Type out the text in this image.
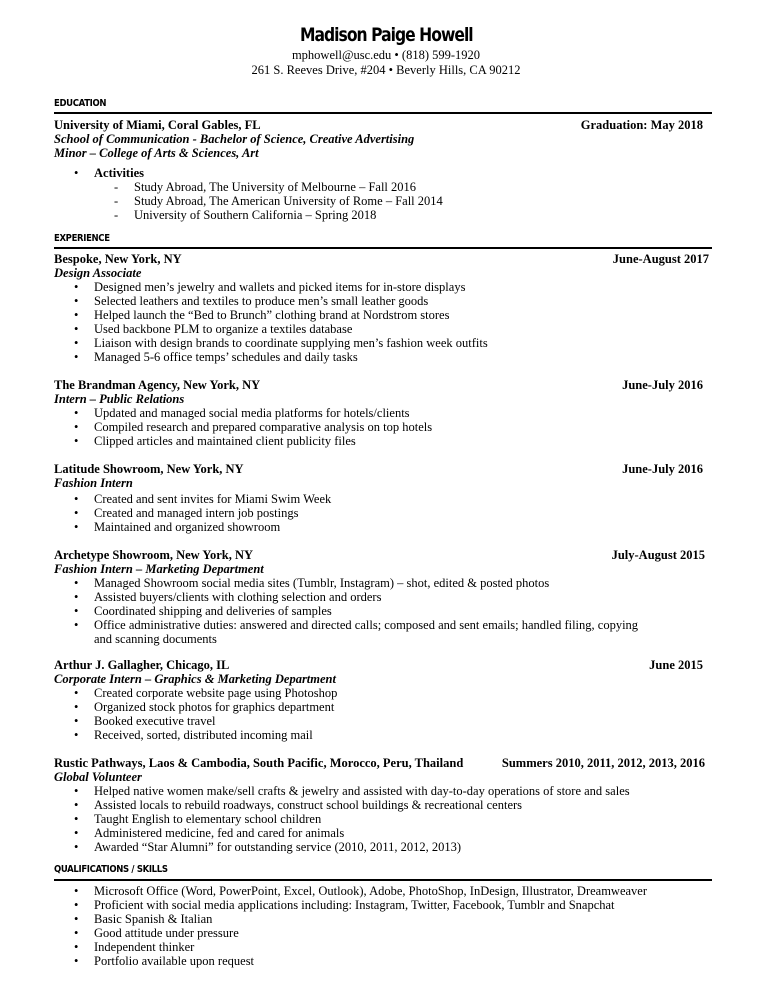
Madison Paige Howell
mphowell@usc.edu • (818) 599-1920
261 S. Reeves Drive, #204 • Beverly Hills, CA 90212
EDUCATION
University of Miami, Coral Gables, FL	Graduation: May 2018
School of Communication - Bachelor of Science, Creative Advertising
Minor – College of Arts & Sciences, Art
• Activities
- Study Abroad, The University of Melbourne – Fall 2016
- Study Abroad, The American University of Rome – Fall 2014
- University of Southern California – Spring 2018
EXPERIENCE
Bespoke, New York, NY	June-August 2017
Design Associate
• Designed men’s jewelry and wallets and picked items for in-store displays
• Selected leathers and textiles to produce men’s small leather goods
• Helped launch the “Bed to Brunch” clothing brand at Nordstrom stores
• Used backbone PLM to organize a textiles database
• Liaison with design brands to coordinate supplying men’s fashion week outfits
• Managed 5-6 office temps’ schedules and daily tasks
The Brandman Agency, New York, NY	June-July 2016
Intern – Public Relations
• Updated and managed social media platforms for hotels/clients
• Compiled research and prepared comparative analysis on top hotels
• Clipped articles and maintained client publicity files
Latitude Showroom, New York, NY	June-July 2016
Fashion Intern
• Created and sent invites for Miami Swim Week
• Created and managed intern job postings
• Maintained and organized showroom
Archetype Showroom, New York, NY	July-August 2015
Fashion Intern – Marketing Department
• Managed Showroom social media sites (Tumblr, Instagram) – shot, edited & posted photos
• Assisted buyers/clients with clothing selection and orders
• Coordinated shipping and deliveries of samples
• Office administrative duties: answered and directed calls; composed and sent emails; handled filing, copying
and scanning documents
Arthur J. Gallagher, Chicago, IL	June 2015
Corporate Intern – Graphics & Marketing Department
• Created corporate website page using Photoshop
• Organized stock photos for graphics department
• Booked executive travel
• Received, sorted, distributed incoming mail
Rustic Pathways, Laos & Cambodia, South Pacific, Morocco, Peru, Thailand	Summers 2010, 2011, 2012, 2013, 2016
Global Volunteer
• Helped native women make/sell crafts & jewelry and assisted with day-to-day operations of store and sales
• Assisted locals to rebuild roadways, construct school buildings & recreational centers
• Taught English to elementary school children
• Administered medicine, fed and cared for animals
• Awarded “Star Alumni” for outstanding service (2010, 2011, 2012, 2013)
QUALIFICATIONS / SKILLS
• Microsoft Office (Word, PowerPoint, Excel, Outlook), Adobe, PhotoShop, InDesign, Illustrator, Dreamweaver
• Proficient with social media applications including: Instagram, Twitter, Facebook, Tumblr and Snapchat
• Basic Spanish & Italian
• Good attitude under pressure
• Independent thinker
• Portfolio available upon request
